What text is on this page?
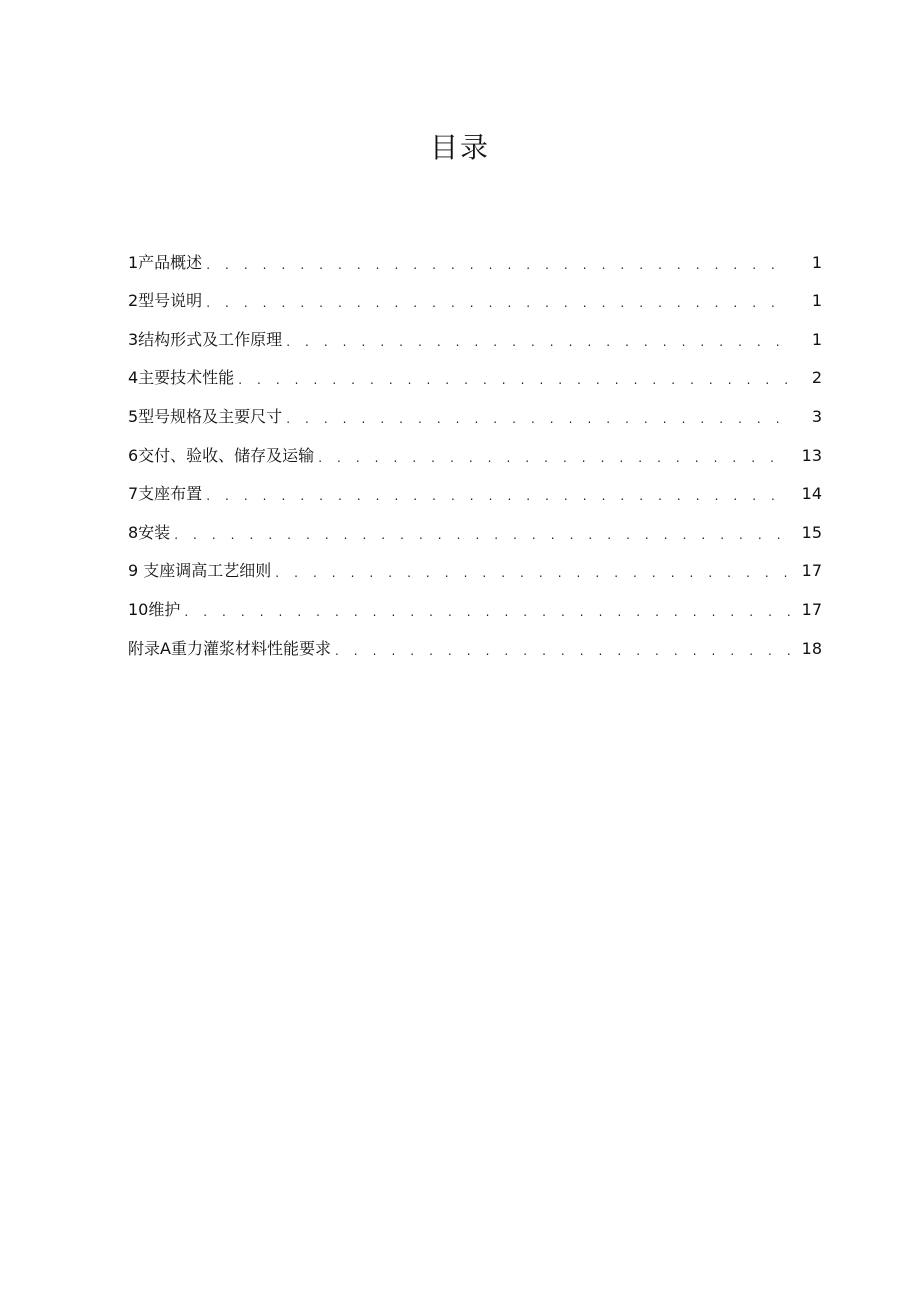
目录
1产品概述 . . .	1
2型号说明 . . .	1
3结构形式及工作原理 . . .	1
4主要技术性能 . . .	2
5型号规格及主要尺寸 . . .	3
6交付、验收、储存及运输 . . .	13
7支座布置 . . .	14
8安装 . . .	15
9 支座调高工艺细则 . . .	17
10维护 . . .	17
附录A重力灌浆材料性能要求 . . .	18
